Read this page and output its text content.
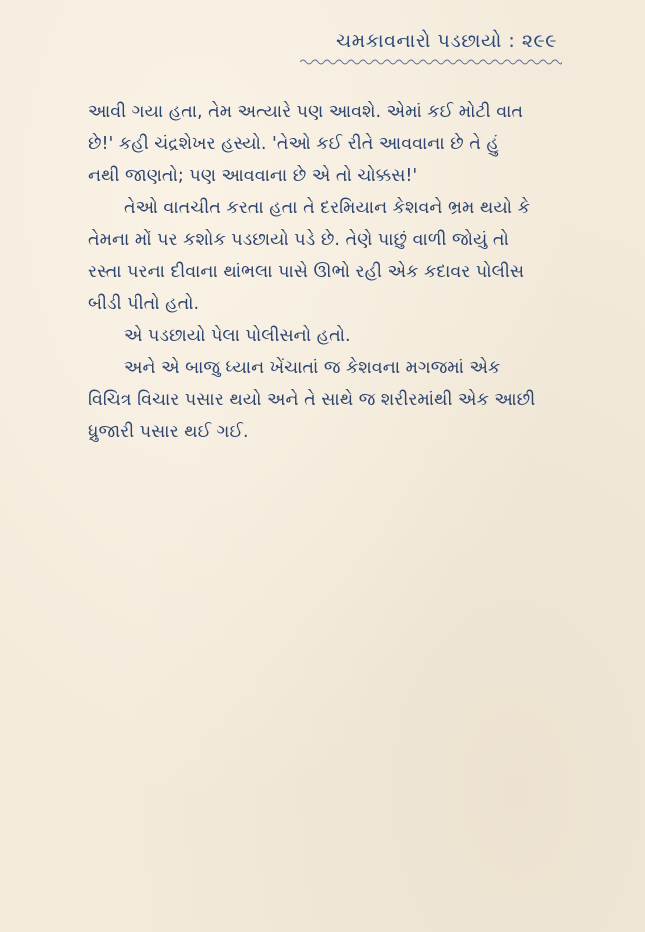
ચમકાવનારો પડછાયો : ૨૯૯
આવી ગયા હતા, તેમ અત્યારે પણ આવશે. એમાં કઈ મોટી વાત
છે!' કહી ચંદ્રશેખર હસ્યો. 'તેઓ કઈ રીતે આવવાના છે તે હું
નથી જાણતો; પણ આવવાના છે એ તો ચોક્કસ!'
તેઓ વાતચીત કરતા હતા તે દરમિયાન કેશવને ભ્રમ થયો કે
તેમના મોં પર કશોક પડછાયો પડે છે. તેણે પાછું વાળી જોયું તો
રસ્તા પરના દીવાના થાંભલા પાસે ઊભો રહી એક કદાવર પોલીસ
બીડી પીતો હતો.
એ પડછાયો પેલા પોલીસનો હતો.
અને એ બાજુ ધ્યાન ખેંચાતાં જ કેશવના મગજમાં એક
વિચિત્ર વિચાર પસાર થયો અને તે સાથે જ શરીરમાંથી એક આછી
ધ્રુજારી પસાર થઈ ગઈ.
